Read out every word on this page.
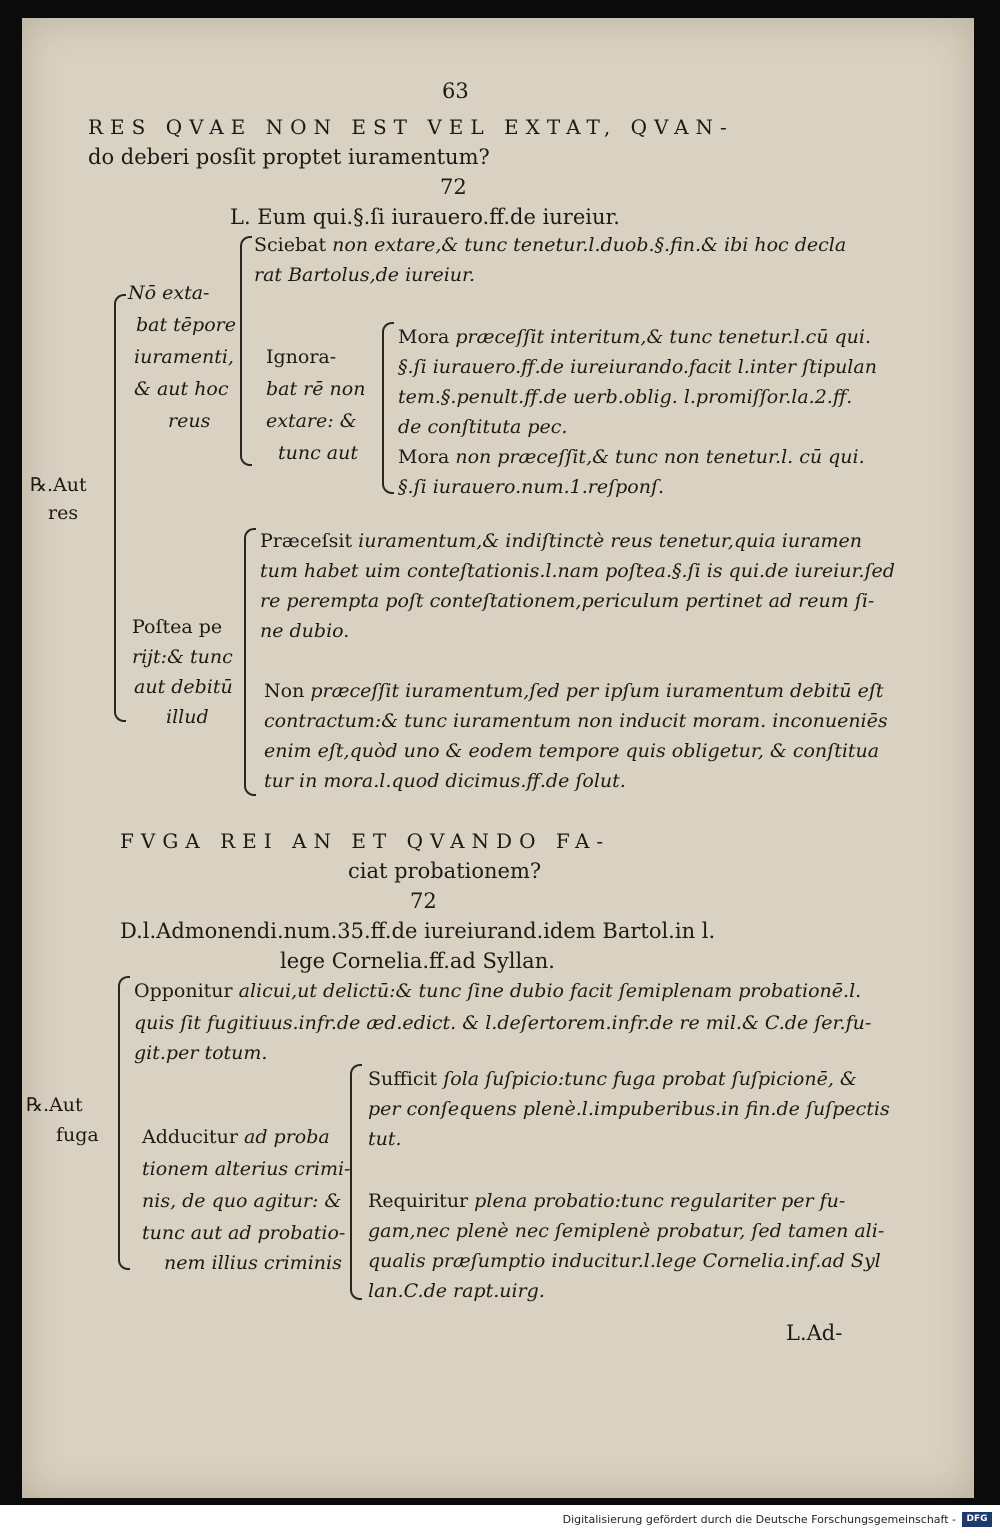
63
RES QVAE NON EST VEL EXTAT, QVAN-
do deberi posſit proptet iuramentum?
72
L. Eum qui.§.ſi iurauero.ff.de iureiur.
℞.Aut
res
Nō exta-
bat tēpore
iuramenti,
& aut hoc
reus
Sciebat non extare,& tunc tenetur.l.duob.§.fin.& ibi hoc decla
rat Bartolus,de iureiur.
Ignora-
bat rē non
extare: &
tunc aut
Mora præceſſit interitum,& tunc tenetur.l.cū qui.
§.ſi iurauero.ff.de iureiurando.facit l.inter ſtipulan
tem.§.penult.ff.de uerb.oblig. l.promiſſor.la.2.ff.
de conſtituta pec.
Mora non præceſſit,& tunc non tenetur.l. cū qui.
§.ſi iurauero.num.1.reſponſ.
Poſtea pe
rijt:& tunc
aut debitū
illud
Præceſsit iuramentum,& indiſtinctè reus tenetur,quia iuramen
tum habet uim conteſtationis.l.nam poſtea.§.ſi is qui.de iureiur.ſed
re perempta poſt conteſtationem,periculum pertinet ad reum ſi-
ne dubio.
Non præceſſit iuramentum,ſed per ipſum iuramentum debitū eſt
contractum:& tunc iuramentum non inducit moram. inconueniēs
enim eſt,quòd uno & eodem tempore quis obligetur, & conſtitua
tur in mora.l.quod dicimus.ff.de ſolut.
FVGA REI AN ET QVANDO FA-
ciat probationem?
72
D.l.Admonendi.num.35.ff.de iureiurand.idem Bartol.in l.
lege Cornelia.ff.ad Syllan.
℞.Aut
fuga
Opponitur alicui,ut delictū:& tunc ſine dubio facit ſemiplenam probationē.l.
quis ſit fugitiuus.infr.de æd.edict. & l.deſertorem.infr.de re mil.& C.de ſer.fu-
git.per totum.
Adducitur ad proba
tionem alterius crimi-
nis, de quo agitur: &
tunc aut ad probatio-
nem illius criminis
Sufficit ſola ſuſpicio:tunc fuga probat ſuſpicionē, &
per conſequens plenè.l.impuberibus.in fin.de ſuſpectis
tut.
Requiritur plena probatio:tunc regulariter per fu-
gam,nec plenè nec ſemiplenè probatur, ſed tamen ali-
qualis præſumptio inducitur.l.lege Cornelia.inf.ad Syl
lan.C.de rapt.uirg.
L.Ad-
Digitalisierung gefördert durch die Deutsche Forschungsgemeinschaft -	DFG
